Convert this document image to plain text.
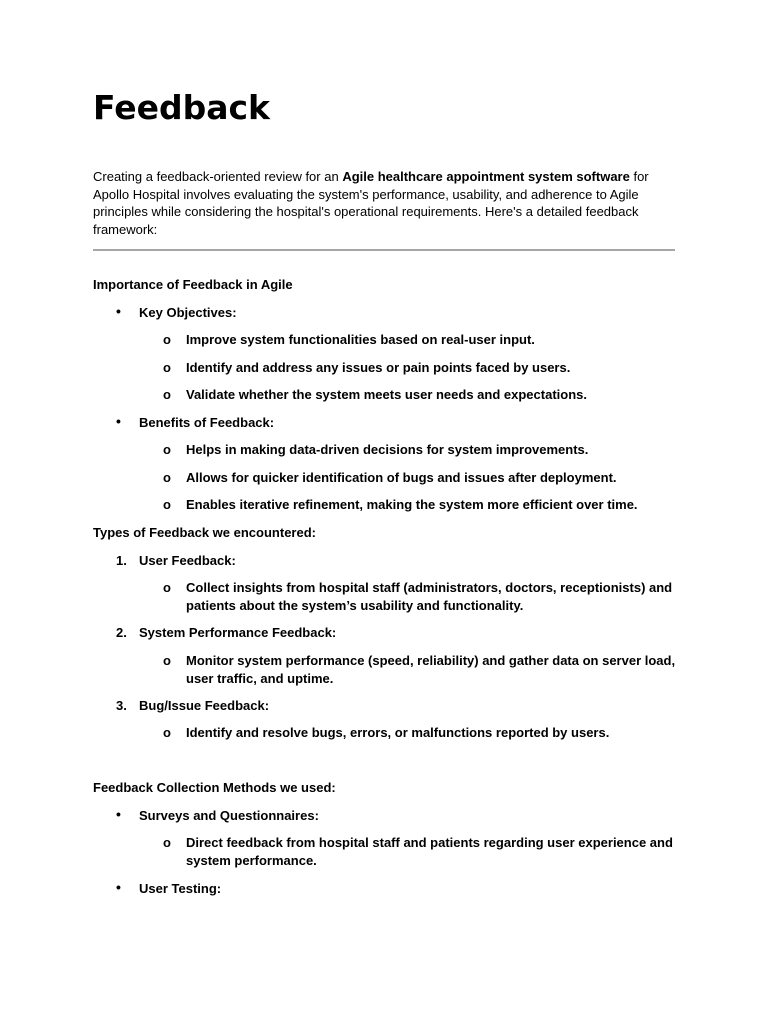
Feedback

Creating a feedback-oriented review for an Agile healthcare appointment system software for Apollo Hospital involves evaluating the system's performance, usability, and adherence to Agile principles while considering the hospital's operational requirements. Here's a detailed feedback framework:

Importance of Feedback in Agile
• Key Objectives:
o Improve system functionalities based on real-user input.
o Identify and address any issues or pain points faced by users.
o Validate whether the system meets user needs and expectations.
• Benefits of Feedback:
o Helps in making data-driven decisions for system improvements.
o Allows for quicker identification of bugs and issues after deployment.
o Enables iterative refinement, making the system more efficient over time.
Types of Feedback we encountered:
1. User Feedback:
o Collect insights from hospital staff (administrators, doctors, receptionists) and
patients about the system’s usability and functionality.
2. System Performance Feedback:
o Monitor system performance (speed, reliability) and gather data on server load,
user traffic, and uptime.
3. Bug/Issue Feedback:
o Identify and resolve bugs, errors, or malfunctions reported by users.
Feedback Collection Methods we used:
• Surveys and Questionnaires:
o Direct feedback from hospital staff and patients regarding user experience and
system performance.
• User Testing:
